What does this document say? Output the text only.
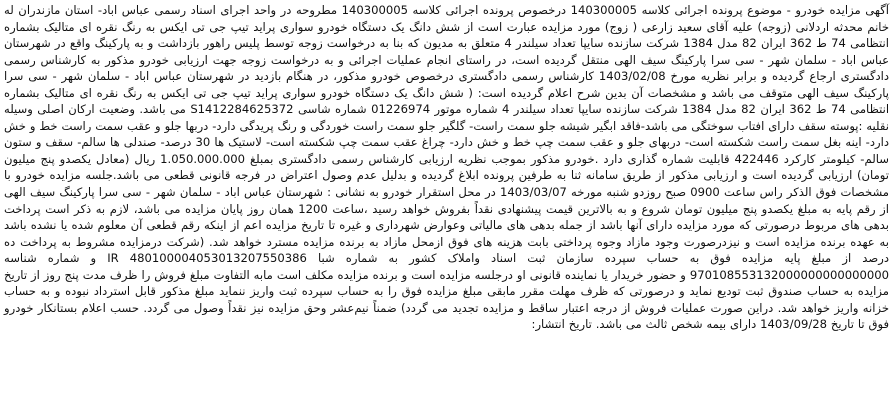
آگهی مزایده خودرو - موضوع پرونده اجرائی کلاسه 140300005 درخصوص پرونده اجرائی کلاسه 140300005 مطروحه در واحد اجرای اسناد رسمی عباس اباد- استان مازندران له خانم محدثه اردلانی (زوجه) علیه آقای سعید زارعی ( زوج) مورد مزایده عبارت است از شش دانگ یک دستگاه خودرو سواری پراید تیپ جی تی ایکس به رنگ نقره ای متالیک بشماره انتظامی 74 ط 362 ایران 82 مدل 1384 شرکت سازنده سایپا تعداد سیلندر 4 متعلق به مدیون که بنا به درخواست زوجه توسط پلیس راهور بازداشت و به پارکینگ واقع در شهرستان عباس اباد - سلمان شهر - سی سرا پارکینگ سیف الهی منتقل گردیده است، در راستای انجام عملیات اجرائی و به درخواست زوجه جهت ارزیابی خودرو مذکور به کارشناس رسمی دادگستری ارجاع گردیده و برابر نظریه مورخ 1403/02/08 کارشناس رسمی دادگستری درخصوص خودرو مذکور، در هنگام بازدید در شهرستان عباس اباد - سلمان شهر - سی سرا پارکینگ سیف الهی متوقف می باشد و مشخصات آن بدین شرح اعلام گردیده است: ( شش دانگ یک دستگاه خودرو سواری پراید تیپ جی تی ایکس به رنگ نقره ای متالیک بشماره انتظامی 74 ط 362 ایران 82 مدل 1384 شرکت سازنده سایپا تعداد سیلندر 4 شماره موتور 01226974 شماره شاسی S1412284625372 می باشد. وضعیت ارکان اصلی وسیله نقلیه :پوسته سقف دارای افتاب سوختگی می باشد-فاقد ابگیر شیشه جلو سمت راست- گلگیر جلو سمت راست خوردگی و رنگ پریدگی دارد- دربها جلو و عقب سمت راست خط و خش دارد- اینه بغل سمت راست شکسته است- دربهای جلو و عقب سمت چپ خط و خش دارد- چراغ عقب سمت چپ شکسته است- لاستیک ها 30 درصد- صندلی ها سالم- سقف و ستون سالم- کیلومتر کارکرد 422446 قابلیت شماره گذاری دارد .خودرو مذکور بموجب نظریه ارزیابی کارشناس رسمی دادگستری بمبلغ 1.050.000.000 ریال (معادل یکصدو پنج میلیون تومان) ارزیابی گردیده است و ارزیابی مذکور از طریق سامانه ثنا به طرفین پرونده ابلاغ گردیده و بدلیل عدم وصول اعتراض در فرجه قانونی قطعی می باشد.جلسه مزایده خودرو با مشخصات فوق الذکر راس ساعت 0900 صبح روزدو شنبه مورخه 1403/03/07 در محل استقرار خودرو به نشانی : شهرستان عباس اباد - سلمان شهر - سی سرا پارکینگ سیف الهی از رقم پایه به مبلغ یکصدو پنج میلیون تومان شروع و به بالاترین قیمت پیشنهادی نقداً بفروش خواهد رسید ،ساعت 1200 همان روز پایان مزایده می باشد، لازم به ذکر است پرداخت بدهی های مربوط درصورتی که مورد مزایده دارای آنها باشد از جمله بدهی های مالیاتی وعوارض شهرداری و غیره تا تاریخ مزایده اعم از اینکه رقم قطعی آن معلوم شده یا نشده باشد به عهده برنده مزایده است و نیزدرصورت وجود مازاد وجوه پرداختی بابت هزینه های فوق ازمحل مازاد به برنده مزایده مسترد خواهد شد. (شرکت درمزایده مشروط به پرداخت ده درصد از مبلغ پایه مزایده فوق به حساب سپرده سازمان ثبت اسناد واملاک کشور به شماره شبا IR 480100004053013207550386 و شماره شناسه 970108553132000000000000000 و حضور خریدار یا نماینده قانونی او درجلسه مزایده است و برنده مزایده مکلف است مابه التفاوت مبلغ فروش را ظرف مدت پنج روز از تاریخ مزایده به حساب صندوق ثبت تودیع نماید و درصورتی که ظرف مهلت مقرر مابقی مبلغ مزایده فوق را به حساب سپرده ثبت واریز ننماید مبلغ مذکور قابل استرداد نبوده و به حساب خزانه واریز خواهد شد. دراین صورت عملیات فروش از درجه اعتبار ساقط و مزایده تجدید می گردد) ضمناً نیم‌عشر وحق مزایده نیز نقداً وصول می گردد. حسب اعلام بستانکار خودرو فوق تا تاریخ 1403/09/28 دارای بیمه شخص ثالث می باشد. تاریخ انتشار:
